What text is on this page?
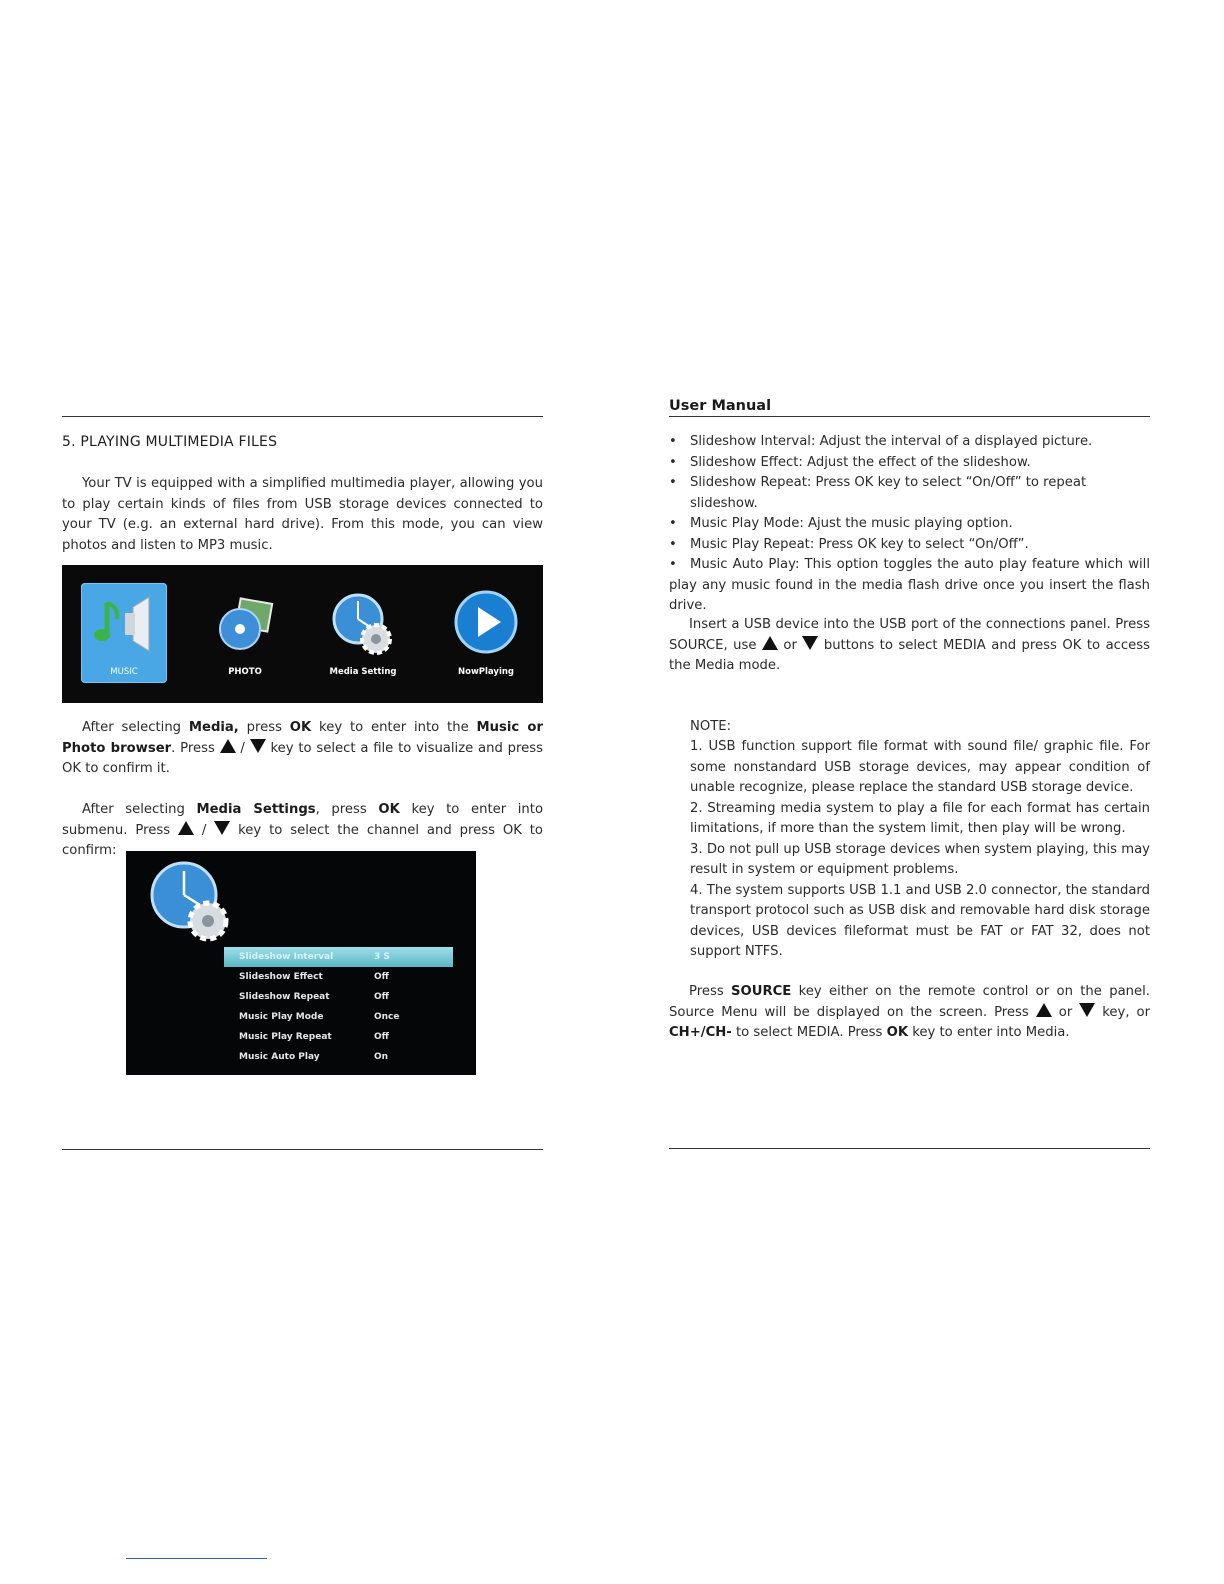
5. PLAYING MULTIMEDIA FILES
Your TV is equipped with a simplified multimedia player, allowing you to play certain kinds of files from USB storage devices connected to your TV (e.g. an external hard drive). From this mode, you can view photos and listen to MP3 music.
MUSIC	PHOTO	Media Setting	NowPlaying
After selecting Media, press OK key to enter into the Music or Photo browser. Press  /  key to select a file to visualize and press OK to confirm it.
After selecting Media Settings, press OK key to enter into submenu. Press  /  key to select the channel and press OK to confirm:
Slideshow Interval	3 S
Slideshow Effect	Off
Slideshow Repeat	Off
Music Play Mode	Once
Music Play Repeat	Off
Music Auto Play	On
User Manual
• Slideshow Interval: Adjust the interval of a displayed picture.
• Slideshow Effect: Adjust the effect of the slideshow.
• Slideshow Repeat: Press OK key to select “On/Off” to repeat slideshow.
• Music Play Mode: Ajust the music playing option.
• Music Play Repeat: Press OK key to select “On/Off”.
• Music Auto Play: This option toggles the auto play feature which will play any music found in the media flash drive once you insert the flash drive.
Insert a USB device into the USB port of the connections panel. Press SOURCE, use  or  buttons to select MEDIA and press OK to access the Media mode.
NOTE:
1. USB function support file format with sound file/ graphic file. For some nonstandard USB storage devices, may appear condition of unable recognize, please replace the standard USB storage device.
2. Streaming media system to play a file for each format has certain limitations, if more than the system limit, then play will be wrong.
3. Do not pull up USB storage devices when system playing, this may result in system or equipment problems.
4. The system supports USB 1.1 and USB 2.0 connector, the standard transport protocol such as USB disk and removable hard disk storage devices, USB devices fileformat must be FAT or FAT 32, does not support NTFS.
Press SOURCE key either on the remote control or on the panel. Source Menu will be displayed on the screen. Press  or  key, or CH+/CH- to select MEDIA. Press OK key to enter into Media.
